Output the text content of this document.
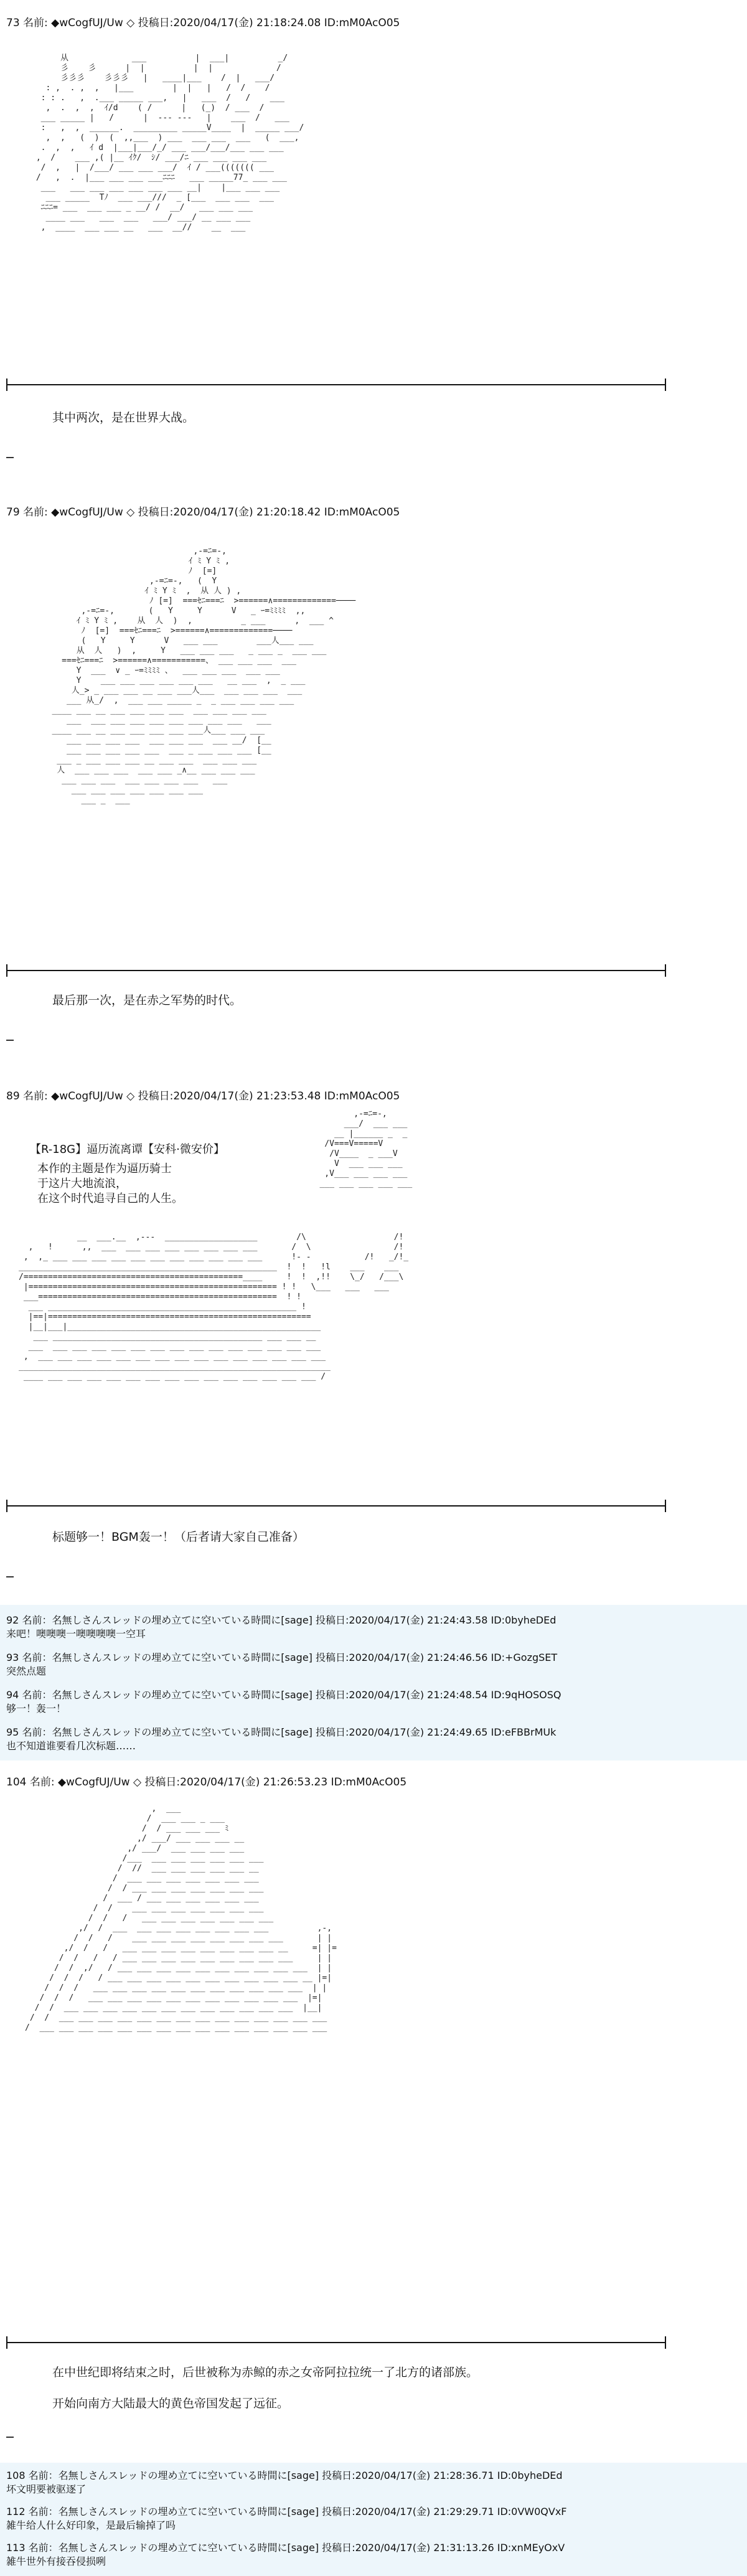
73 名前: ◆wCogfUJ/Uw ◇ 投稿日:2020/04/17(金) 21:18:24.08 ID:mM0AcO05
从             ___          |  ___|          _/
彡    彡      |  |          |  |             /
彡彡彡    彡彡彡   |   ____|___    /  |   ___/
: ,  . ,  ,   |___        |  |   |   /  /    /
: : .   ,  .___ _____ ___,   |   ___  /   /    ___
,  .  ,  ,  ｲ/d    ( /      |   (_)  / ___  /
___ _____ |   /      |  --- ---   |    ___  /   ___
:   ,  ,  ______.  _________ _____V____  |  _____ ___/
,  ,   (  )  (  ,,___  ) ___  ___ ___  ___   (  ___,
.  ,  ,   ｲ d  |___|___/_/ ___ ___/___/___ ___ ___
,  /    ___ ,( |__ ｲｸ/  ｼ/ ___/ﾆ ___ ___ ___ ___
/  ,   |  /___/ ___ ___ ___/  ｲ / ___((((((( ___
/   ,  .  |___ ___ ___ ___ﾆﾆﾆ   ___ _____77_ ___ ___
___   ___ ___ ___ ___ ___ ___ __|    |___ ___ ___
___ _____  Tﾉ  ___ ___///  _ [___  ___ ___  ___
ﾆﾆﾆ= ___  ___ ___ _ __/ /  __/   ___ ___ ___
____ ___   ___  ___   ___/ ___/ __ ___ ___
,  ____  ___ ___ __   ___  __//    __  ___
其中两次，是在世界大战。
79 名前: ◆wCogfUJ/Uw ◇ 投稿日:2020/04/17(金) 21:20:18.42 ID:mM0AcO05
,-=ﾆ=-,
ｲ ﾐ Y ﾐ ,
ﾉ  [=]
,-=ﾆ=-,   (  Y
ｲ ﾐ Y ﾐ  ,  从 人 ) ,
ﾉ [=]  ===ｾﾆ===ﾆ  >======∧=============────
,-=ﾆ=-,       (   Y     Y      V   _ ｰ=ﾐﾐﾐﾐ  ,,
ｲ ﾐ Y ﾐ ,    从  人  )  ,          _ ___      ,  ___ ^
ﾉ  [=]  ===ｾﾆ===ﾆ  >======∧=============────
(   Y     Y      V   ___ ___        ___人___ ___
从  人   )  ,     Y   ___ ___ ___   _ ___ _  ___ ___
===ｾﾆ===ﾆ  >======∧===========、 ___ ___ ___  ___
Y  ___  ∨ _ ｰ=ﾐﾐﾐﾐ 、  ___ ___ ___  ___ ___
Y    ___ ___ ___ ___ ___ ___   __ ___  ,  _ ___
人_> _ ___ ___ __ ___ ___人___  ___ ___ ___  ___
___ 从_/  ,  ___ ___ _____ _  _ ___ ___ ___ ___
____ ___ __ ___ ___ ___ ___  ___ ___ ___ ___
___  ___ ___ ___ ___ ___ ___ ___ ___   ___
____ ___ __ ___ ___ ___ ___ ___人___ ___ ___
___ ___ ___ ___  ___ ___ ___  ___ __/  [__
___ ___ ___ ___ ___  ___ _ ___ ___ ___ [__
___ _ ___ ___ ___ __ ___ ___  ___ ___ ___
人  ___ ___ ___  ___ ___ _∧__ ___ ___ ___
___ ___ ___  ___ ___ ___ ___   ___
___ ___ ___ ___ ___ ___ ___
___ _  ___
最后那一次，是在赤之军势的时代。
89 名前: ◆wCogfUJ/Uw ◇ 投稿日:2020/04/17(金) 21:23:53.48 ID:mM0AcO05
【R-18G】逼历流离谭【安科·微安价】
本作的主题是作为逼历骑士
于这片大地流浪，
在这个时代追寻自己的人生。
,-=ﾆ=-,
___/  ___ ___
__ |______ _  _
/V===V=====V
/V____  _ ___V
V  ___ ___ ___
,V___ ___ ___ ___
___ ___ ___ ___ ___
__  ___.__  ,---  ___________________        /\                  /!
,   !      ,,  ___  ___ ___ ___ ___ ___ ___ ___       /  \                 /!
,  ,_ ___ ___ ___ ___ ___ ___ ___ ___ ___ ___ ___      !- -           /!   _/!_
_____________________________________________________  !  !   !l    ___    ___
/=============================================____     !  !  ,!!    \_/   /___\
|=================================================== ! !   \___   ___   ___
___=================================================  ! !
___ ___________________________________________________ !
|==|======================================================
|__|___|____________________________________________________
___ ___________________________________________ ___ ___ __
___  ___ ___ ___ ___ ___ ___ ___ ___ ___ ___ ___ ___ ___ ___
,  ___ ___ ___ ___ ___ ___ ___ ___ ___ ___ ___ ___ ___ ___ ___
________________________________________________________________
____ ___ ___ ___ ___ ___ ___ ___ ___ ___ ___ ___ ___ ___ ___ /
标题够一！BGM轰一！（后者请大家自己准备）
92 名前：名無しさんスレッドの埋め立てに空いている時間に[sage] 投稿日:2020/04/17(金) 21:24:43.58 ID:0byheDEd
来吧！噢噢噢一噢噢噢噢一空耳
93 名前：名無しさんスレッドの埋め立てに空いている時間に[sage] 投稿日:2020/04/17(金) 21:24:46.56 ID:+GozgSET
突然点题
94 名前：名無しさんスレッドの埋め立てに空いている時間に[sage] 投稿日:2020/04/17(金) 21:24:48.54 ID:9qHOSOSQ
够一！轰一！
95 名前：名無しさんスレッドの埋め立てに空いている時間に[sage] 投稿日:2020/04/17(金) 21:24:49.65 ID:eFBBrMUk
也不知道谁要看几次标题……
104 名前: ◆wCogfUJ/Uw ◇ 投稿日:2020/04/17(金) 21:26:53.23 ID:mM0AcO05
,  ___
/  ___ ___ _ ___
/  / ___ ___ ___ ﾐ
,/ ___/ ___ ___ ___ __
,/ ___/  ___ ___ ___ ___
/___  ___ ___ ___ ___ ___ ___
/  //  ___ ___ ___ ___ ___ __
/  ___ ___ ___ ___ ___ ___ ___
/  / ___ ___ ___ ___ ___ ___ ___
/  ___ / ___ ___ ___ ___ ___ ___
/  /    ___ ___ ___ ___ ___ ___ ___
/  /   /   ___ ___ ___ ___ ___ ___ ___
,/  /  ___  ___ ___ ___ ___ ___ ___ ___          ,-,
/  /   /    ___ ___ ___ ___ ___ ___ ___ ___       | |
,/  /   /   ___ ___ ___ ___ ___ ___ ___ ___ __     =| |=
/  /   /   / ___ ___ ___ ___ ___ ___ ___ ___ ___     | |
/  /  ,/   / ___ ___ ___ ___ ___ ___ ___ ___ ___ ___  | |
/  /  /   / ___ ___ ___ ___ ___ ___ ___ ___ ___ ___ __ |=|
/  /  /   ___ ___ ___ ___ ___ ___ ___ ___ ___ ___ ___  | |
/  /  /   ___ ___ ___ ___ ___ ___ ___ ___ ___ ___ ___  |=|
/  /  ___ ___ ___ ___ ___ ___ ___ ___ ___ ___ ___ ___  |__|
/  /  ___ ___ ___ ___ ___ ___ ___ ___ ___ ___ ___ ___ ___ ___
/  ___ ___ ___ ___ ___ ___ ___ ___ ___ ___ ___ ___ ___ ___ ___
在中世纪即将结束之时，后世被称为赤鲸的赤之女帝阿拉拉统一了北方的诸部族。
开始向南方大陆最大的黄色帝国发起了远征。
108 名前：名無しさんスレッドの埋め立てに空いている時間に[sage] 投稿日:2020/04/17(金) 21:28:36.71 ID:0byheDEd
坏文明要被驱逐了
112 名前：名無しさんスレッドの埋め立てに空いている時間に[sage] 投稿日:2020/04/17(金) 21:29:29.71 ID:0VW0QVxF
雑牛给人什么好印象，是最后输掉了吗
113 名前：名無しさんスレッドの埋め立てに空いている時間に[sage] 投稿日:2020/04/17(金) 21:31:13.26 ID:xnMEyOxV
雑牛世外有接吞侵损咧
